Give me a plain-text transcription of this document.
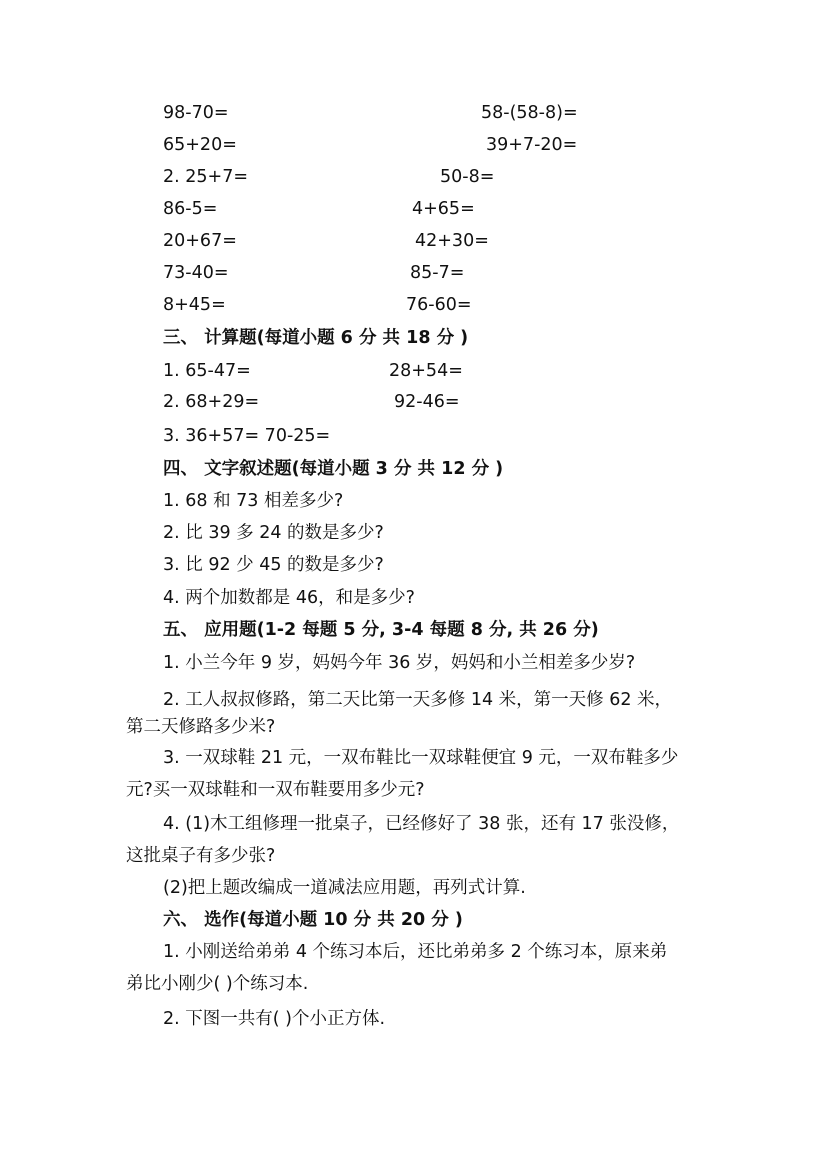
98-70=	58-(58-8)=
65+20=	39+7-20=
2. 25+7=	50-8=
86-5=	4+65=
20+67=	42+30=
73-40=	85-7=
8+45=	76-60=
三、 计算题(每道小题 6 分 共 18 分 )
1. 65-47=	28+54=
2. 68+29=	92-46=
3. 36+57= 70-25=
四、 文字叙述题(每道小题 3 分 共 12 分 )
1. 68 和 73 相差多少?
2. 比 39 多 24 的数是多少?
3. 比 92 少 45 的数是多少?
4. 两个加数都是 46，和是多少?
五、 应用题(1-2 每题 5 分, 3-4 每题 8 分, 共 26 分)
1. 小兰今年 9 岁，妈妈今年 36 岁，妈妈和小兰相差多少岁?
2. 工人叔叔修路，第二天比第一天多修 14 米，第一天修 62 米，
第二天修路多少米?
3. 一双球鞋 21 元，一双布鞋比一双球鞋便宜 9 元，一双布鞋多少
元?买一双球鞋和一双布鞋要用多少元?
4. (1)木工组修理一批桌子，已经修好了 38 张，还有 17 张没修，
这批桌子有多少张?
(2)把上题改编成一道减法应用题，再列式计算.
六、 选作(每道小题 10 分 共 20 分 )
1. 小刚送给弟弟 4 个练习本后，还比弟弟多 2 个练习本，原来弟
弟比小刚少( )个练习本.
2. 下图一共有( )个小正方体.
